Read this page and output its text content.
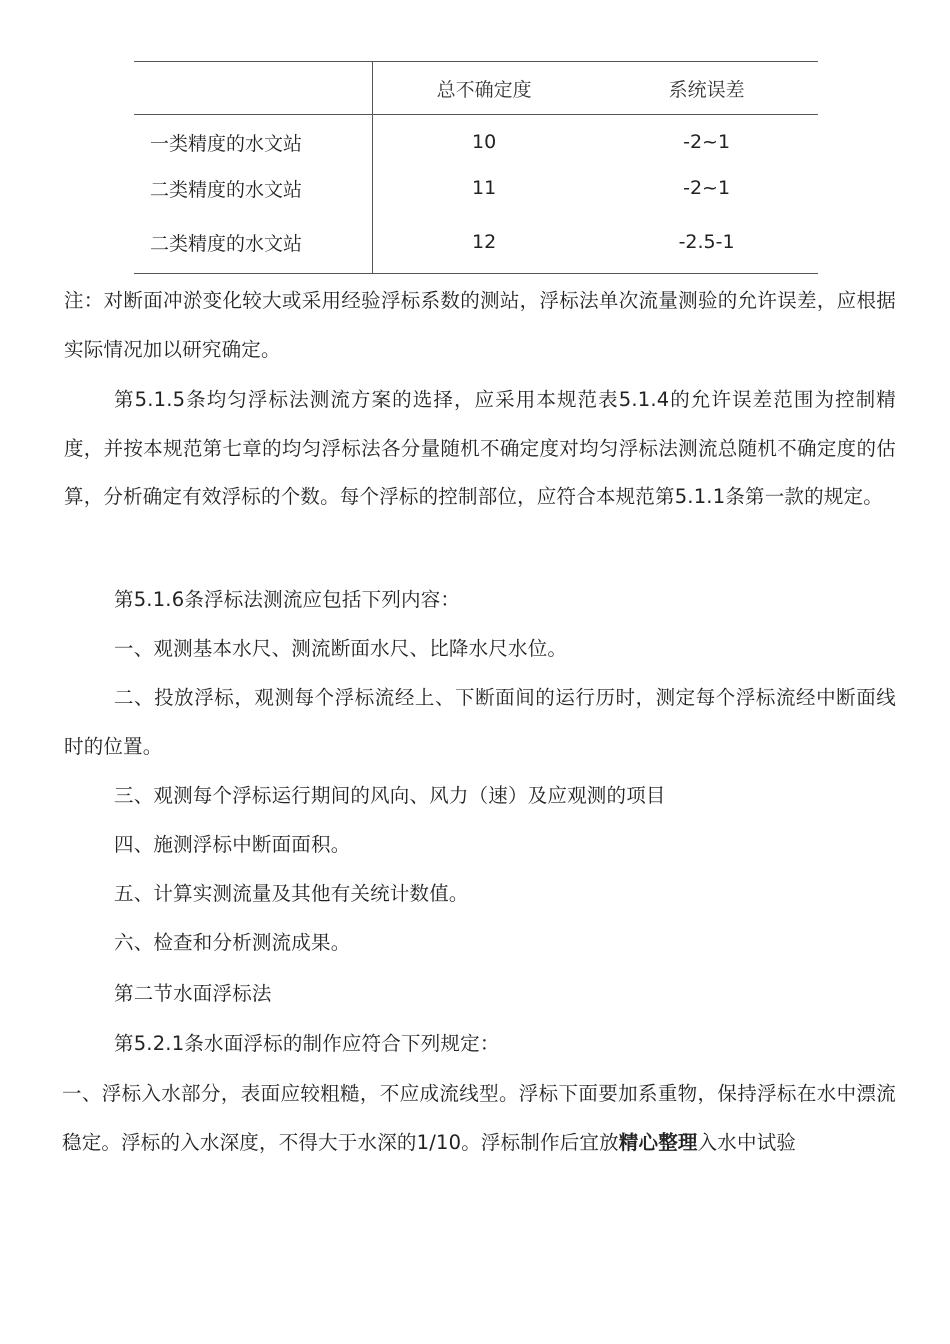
	总不确定度	系统误差
一类精度的水文站	10	-2~1
二类精度的水文站	11	-2~1
二类精度的水文站	12	-2.5-1

注：对断面冲淤变化较大或采用经验浮标系数的测站，浮标法单次流量测验的允许误差，应根据实际情况加以研究确定。

第5.1.5条均匀浮标法测流方案的选择，应采用本规范表5.1.4的允许误差范围为控制精度，并按本规范第七章的均匀浮标法各分量随机不确定度对均匀浮标法测流总随机不确定度的估算，分析确定有效浮标的个数。每个浮标的控制部位，应符合本规范第5.1.1条第一款的规定。

第5.1.6条浮标法测流应包括下列内容：

一、观测基本水尺、测流断面水尺、比降水尺水位。

二、投放浮标，观测每个浮标流经上、下断面间的运行历时，测定每个浮标流经中断面线时的位置。

三、观测每个浮标运行期间的风向、风力（速）及应观测的项目

四、施测浮标中断面面积。

五、计算实测流量及其他有关统计数值。

六、检查和分析测流成果。

第二节水面浮标法

第5.2.1条水面浮标的制作应符合下列规定：

一、浮标入水部分，表面应较粗糙，不应成流线型。浮标下面要加系重物，保持浮标在水中漂流稳定。浮标的入水深度，不得大于水深的1/10。浮标制作后宜放精心整理入水中试验
